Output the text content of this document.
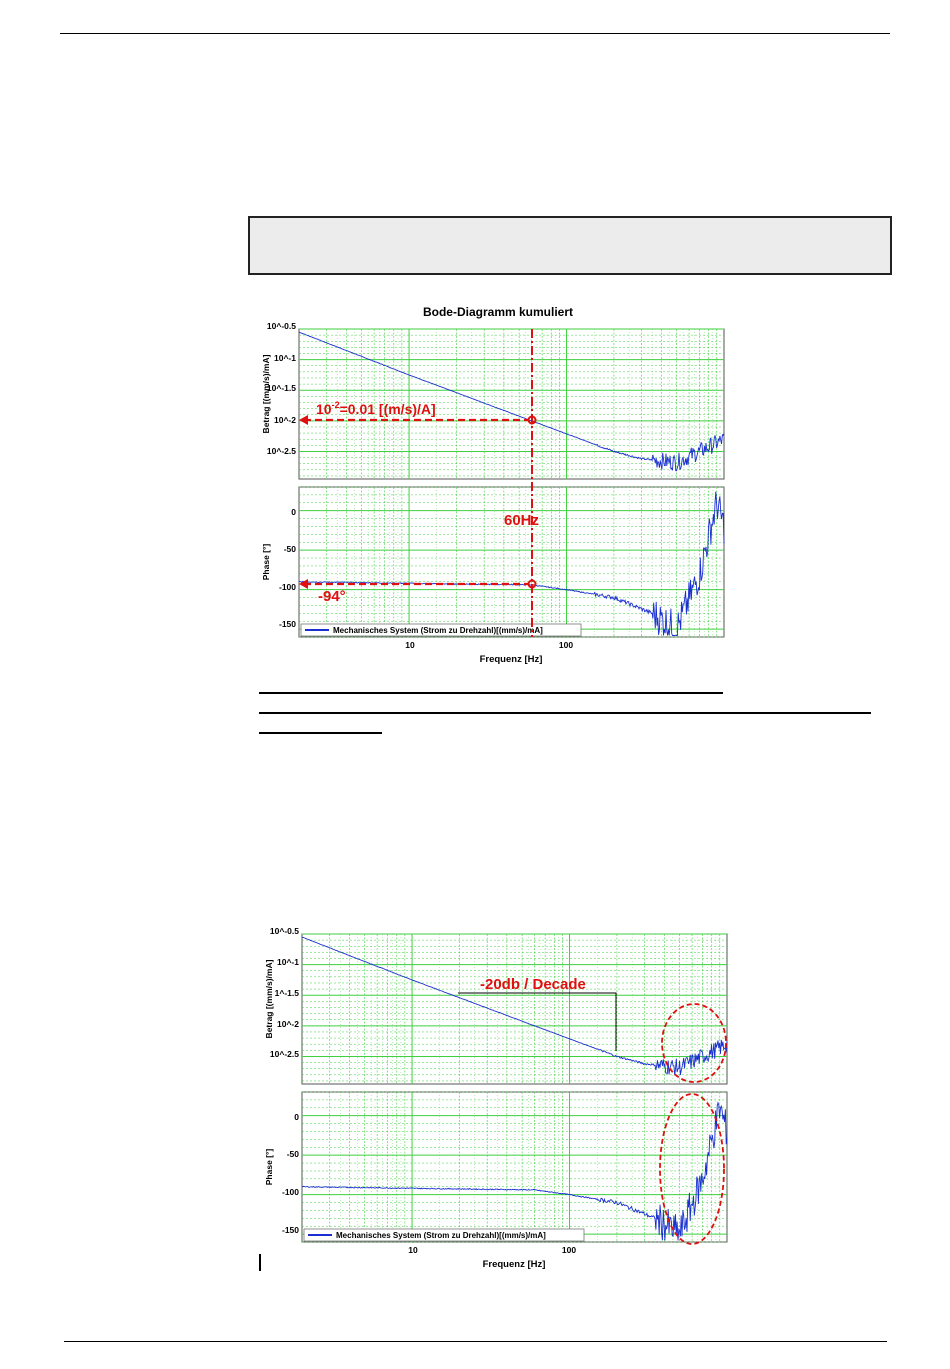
Bode-Diagramm kumuliert
Betrag [(mm/s)/mA]
10^-0.5
10^-1
10^-1.5
10^-2
10^-2.5
Phase [°]
0
-50
-100
-150
Mechanisches System (Strom zu Drehzahl)[(mm/s)/mA]
10	100
Frequenz [Hz]
$10^{-2}=0.01$ [(m/s)/A]
60Hz
-94°
Betrag [(mm/s)/mA]
10^-0.5
10^-1
1^-1.5
10^-2
10^-2.5
Phase [°]
0
-50
-100
-150
Mechanisches System (Strom zu Drehzahl)[(mm/s)/mA]
10	100
Frequenz [Hz]
-20db / Decade
